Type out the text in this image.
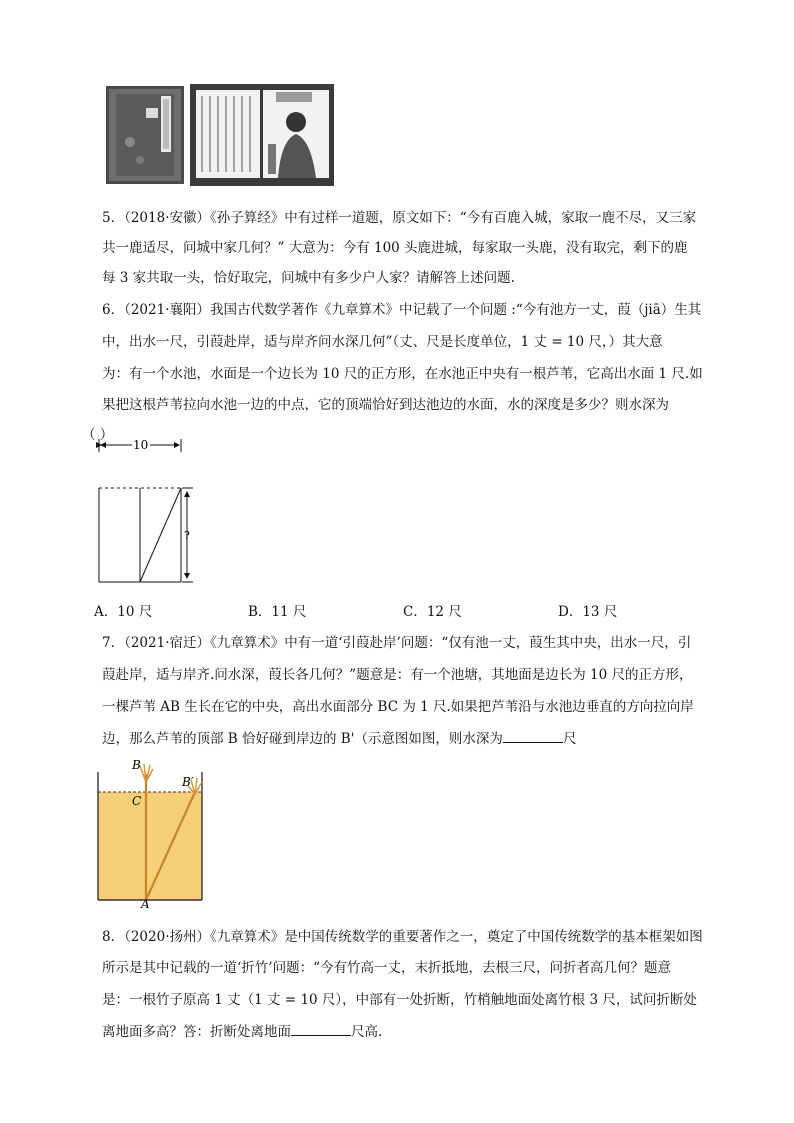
5．（2018·安徽）《孙子算经》中有过样一道题，原文如下：“今有百鹿入城，家取一鹿不尽，又三家
共一鹿适尽，问城中家几何？” 大意为：今有 100 头鹿进城，每家取一头鹿，没有取完，剩下的鹿
每 3 家共取一头，恰好取完，问城中有多少户人家？请解答上述问题.
6．（2021·襄阳）我国古代数学著作《九章算术》中记载了一个问题 :“今有池方一丈，葭（jiā）生其
中，出水一尺，引葭赴岸，适与岸齐问水深几何”（丈、尺是长度单位，1 丈 = 10 尺，）其大意
为：有一个水池，水面是一个边长为 10 尺的正方形，在水池正中央有一根芦苇，它高出水面 1 尺.如
果把这根芦苇拉向水池一边的中点，它的顶端恰好到达池边的水面，水的深度是多少？则水深为
（ ）
10
?
A．10 尺	B．11 尺	C．12 尺	D．13 尺
7．（2021·宿迁）《九章算术》中有一道‘引葭赴岸’问题：“仅有池一丈，葭生其中央，出水一尺，引
葭赴岸，适与岸齐.问水深，葭长各几何？”题意是：有一个池塘，其地面是边长为 10 尺的正方形，
一棵芦苇 AB 生长在它的中央，高出水面部分 BC 为 1 尺.如果把芦苇沿与水池边垂直的方向拉向岸
边，那么芦苇的顶部 B 恰好碰到岸边的 B'（示意图如图，则水深为	尺
B
B′
C
A
8．（2020·扬州）《九章算术》是中国传统数学的重要著作之一，奠定了中国传统数学的基本框架如图
所示是其中记载的一道‘折竹’问题：“今有竹高一丈，末折抵地，去根三尺，问折者高几何？题意
是：一根竹子原高 1 丈（1 丈 = 10 尺），中部有一处折断，竹梢触地面处离竹根 3 尺，试问折断处
离地面多高？答：折断处离地面	尺高.
